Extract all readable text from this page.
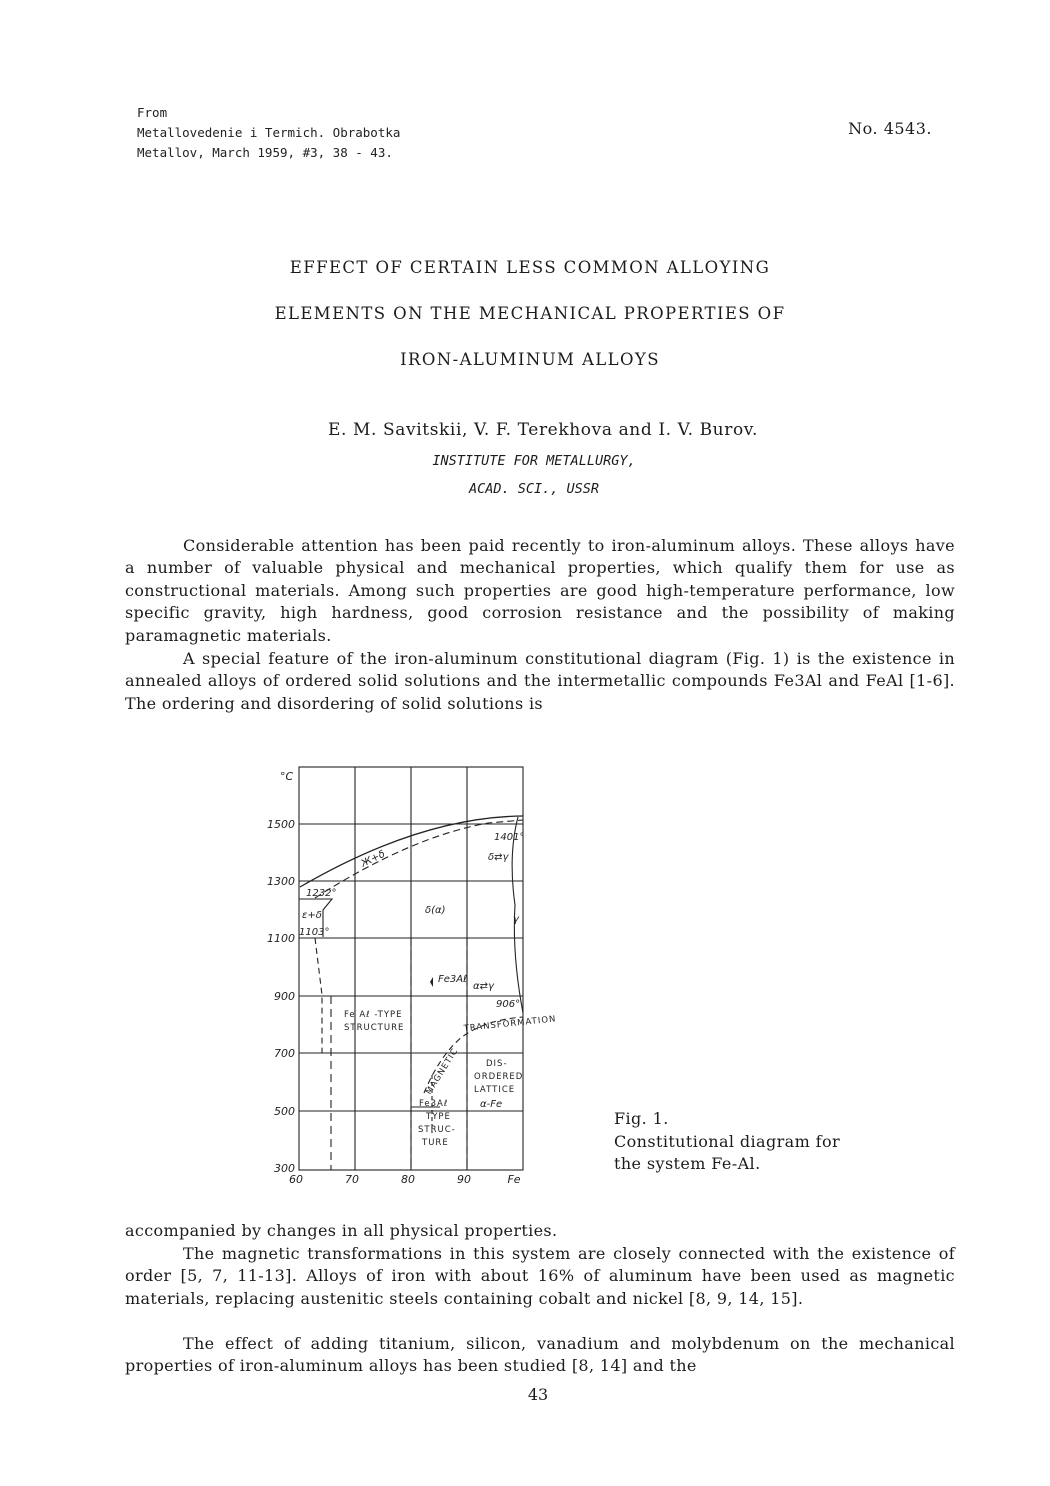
From
Metallovedenie i Termich. Obrabotka
Metallov, March 1959, #3, 38 - 43.
No. 4543.
EFFECT OF CERTAIN LESS COMMON ALLOYING
ELEMENTS ON THE MECHANICAL PROPERTIES OF
IRON-ALUMINUM ALLOYS
E. M. Savitskii, V. F. Terekhova and I. V. Burov.
INSTITUTE FOR METALLURGY,
ACAD. SCI., USSR
Considerable attention has been paid recently to iron-aluminum alloys. These alloys have a number of valuable physical and mechanical properties, which qualify them for use as constructional materials. Among such properties are good high-temperature performance, low specific gravity, high hardness, good corrosion resistance and the possibility of making paramagnetic materials.
A special feature of the iron-aluminum constitutional diagram (Fig. 1) is the existence in annealed alloys of ordered solid solutions and the intermetallic compounds Fe3Al and FeAl [1-6]. The ordering and disordering of solid solutions is
°C
1500
1300
1100
900
700
500
300
60	70	80	90	Fe
Ж+δ
1401°
δ⇄γ
1232°
ε+δ
1103°
δ(α)
γ
Fe3Aℓ
α⇄γ
906°
Fe Aℓ -TYPE
STRUCTURE	TRANSFORMATION
MAGNETIC	DIS-
ORDERED
LATTICE
α-Fe
Fe3Aℓ
TYPE
STRUC-
TURE
Fig. 1.
Constitutional diagram for
the system Fe-Al.
accompanied by changes in all physical properties.
The magnetic transformations in this system are closely connected with the existence of order [5, 7, 11-13]. Alloys of iron with about 16% of aluminum have been used as magnetic materials, replacing austenitic steels containing cobalt and nickel [8, 9, 14, 15].
The effect of adding titanium, silicon, vanadium and molybdenum on the mechanical properties of iron-aluminum alloys has been studied [8, 14] and the
43
